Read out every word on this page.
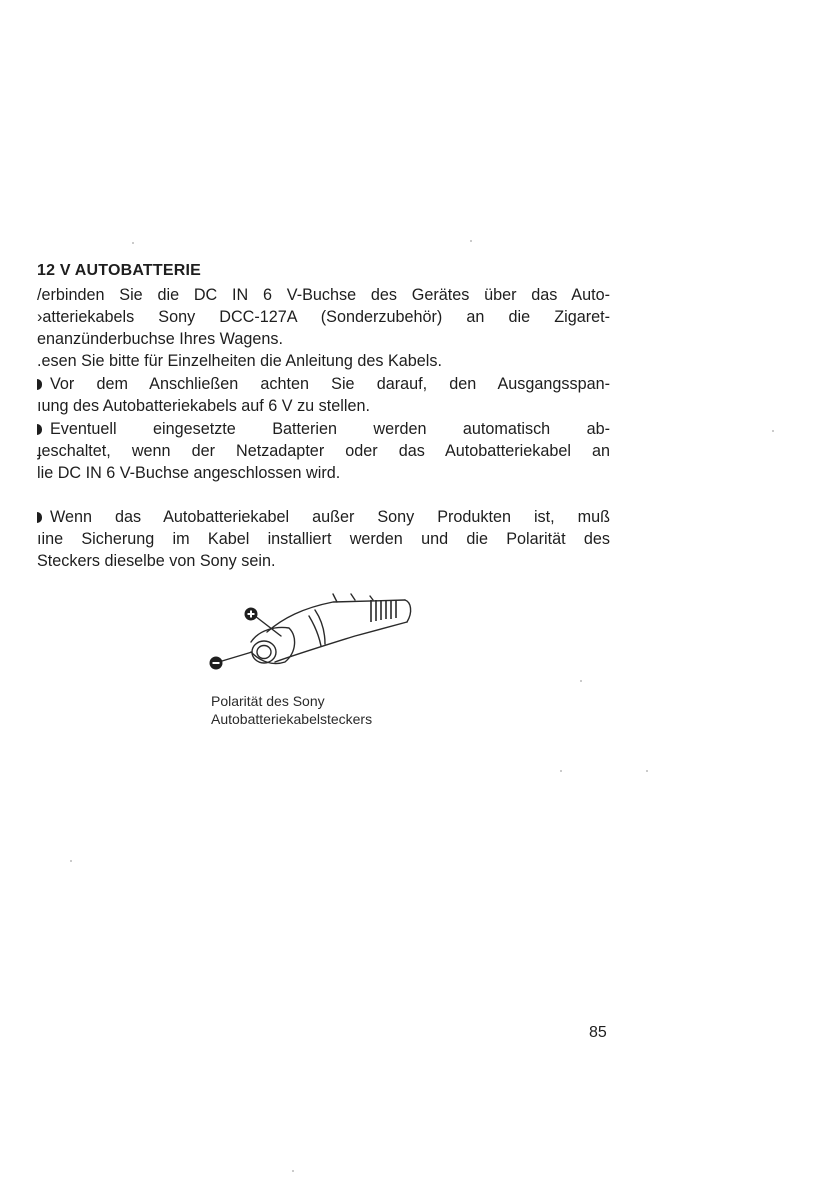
12 V AUTOBATTERIE
/erbinden Sie die DC IN 6 V-Buchse des Gerätes über das Auto-
›atteriekabels Sony DCC-127A (Sonderzubehör) an die Zigaret-
enanzünderbuchse Ihres Wagens.
.esen Sie bitte für Einzelheiten die Anleitung des Kabels.
Vor dem Anschließen achten Sie darauf, den Ausgangsspan-
ıung des Autobatteriekabels auf 6 V zu stellen.
Eventuell eingesetzte Batterien werden automatisch ab-
ɟeschaltet, wenn der Netzadapter oder das Autobatteriekabel an
lie DC IN 6 V-Buchse angeschlossen wird.
Wenn das Autobatteriekabel außer Sony Produkten ist, muß
ıine Sicherung im Kabel installiert werden und die Polarität des
Steckers dieselbe von Sony sein.
Polarität des Sony
Autobatteriekabelsteckers
85
